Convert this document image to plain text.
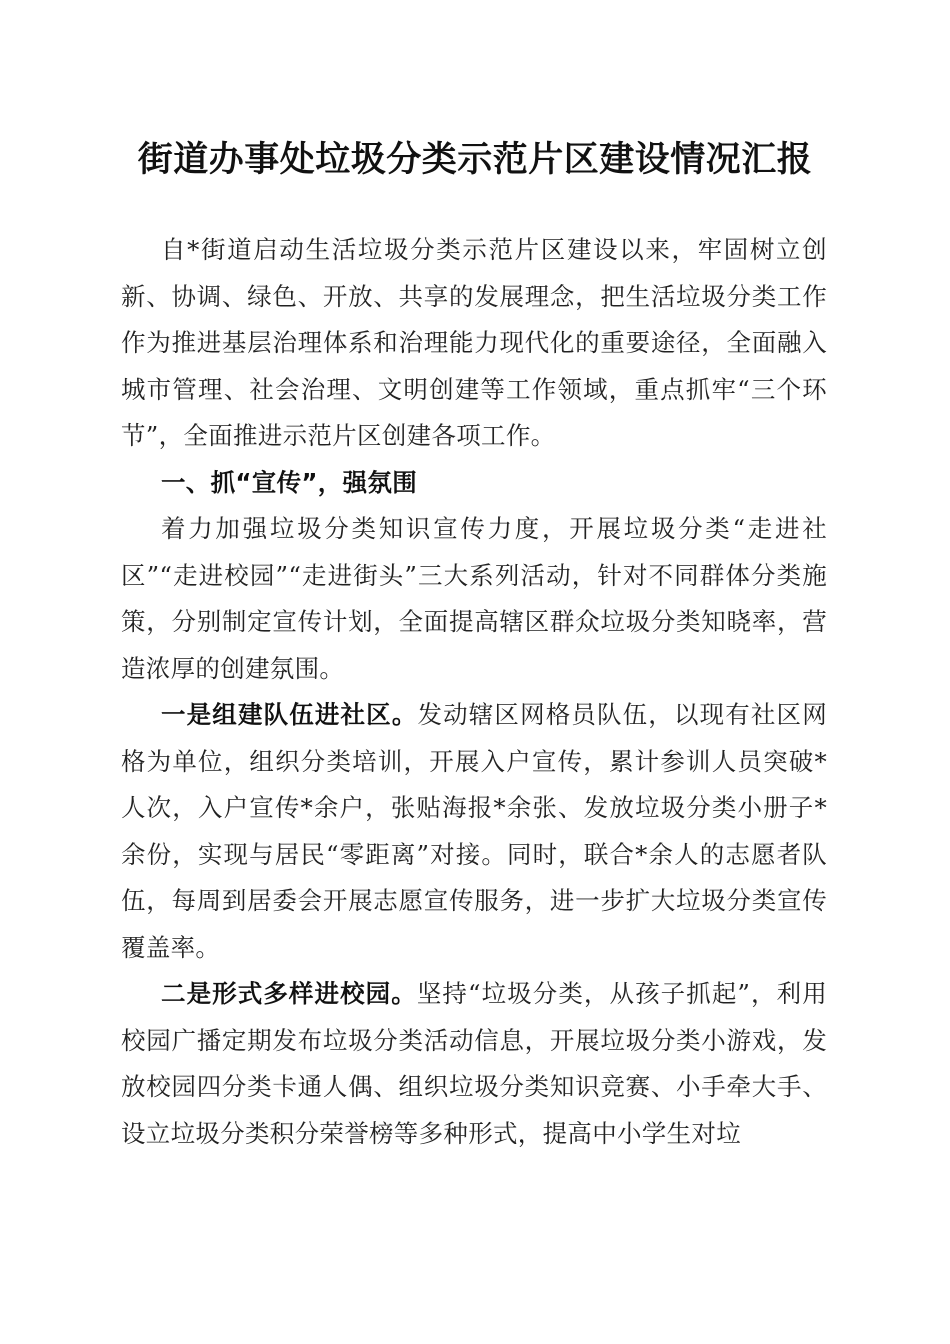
街道办事处垃圾分类示范片区建设情况汇报

自*街道启动生活垃圾分类示范片区建设以来，牢固树立创新、协调、绿色、开放、共享的发展理念，把生活垃圾分类工作作为推进基层治理体系和治理能力现代化的重要途径，全面融入城市管理、社会治理、文明创建等工作领域，重点抓牢“三个环节”，全面推进示范片区创建各项工作。

一、抓“宣传”，强氛围

着力加强垃圾分类知识宣传力度，开展垃圾分类“走进社区”“走进校园”“走进街头”三大系列活动，针对不同群体分类施策，分别制定宣传计划，全面提高辖区群众垃圾分类知晓率，营造浓厚的创建氛围。

一是组建队伍进社区。发动辖区网格员队伍，以现有社区网格为单位，组织分类培训，开展入户宣传，累计参训人员突破*人次，入户宣传*余户，张贴海报*余张、发放垃圾分类小册子*余份，实现与居民“零距离”对接。同时，联合*余人的志愿者队伍，每周到居委会开展志愿宣传服务，进一步扩大垃圾分类宣传覆盖率。

二是形式多样进校园。坚持“垃圾分类，从孩子抓起”，利用校园广播定期发布垃圾分类活动信息，开展垃圾分类小游戏，发放校园四分类卡通人偶、组织垃圾分类知识竞赛、小手牵大手、设立垃圾分类积分荣誉榜等多种形式，提高中小学生对垃
